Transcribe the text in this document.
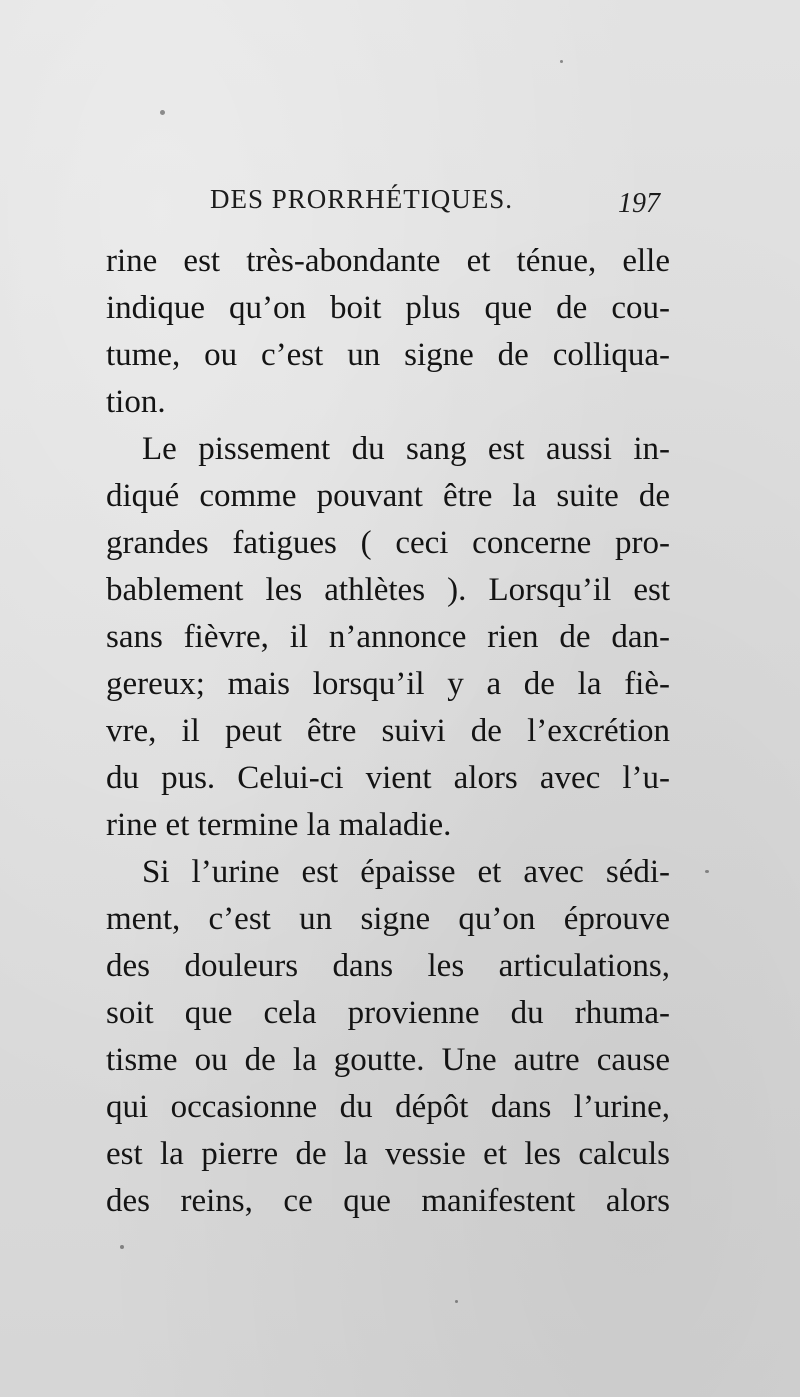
DES PRORRHÉTIQUES.	197
rine est très-abondante et ténue, elle
indique qu’on boit plus que de cou-
tume, ou c’est un signe de colliqua-
tion.
Le pissement du sang est aussi in-
diqué comme pouvant être la suite de
grandes fatigues ( ceci concerne pro-
bablement les athlètes ). Lorsqu’il est
sans fièvre, il n’annonce rien de dan-
gereux; mais lorsqu’il y a de la fiè-
vre, il peut être suivi de l’excrétion
du pus. Celui-ci vient alors avec l’u-
rine et termine la maladie.
Si l’urine est épaisse et avec sédi-
ment, c’est un signe qu’on éprouve
des douleurs dans les articulations,
soit que cela provienne du rhuma-
tisme ou de la goutte. Une autre cause
qui occasionne du dépôt dans l’urine,
est la pierre de la vessie et les calculs
des reins, ce que manifestent alors
